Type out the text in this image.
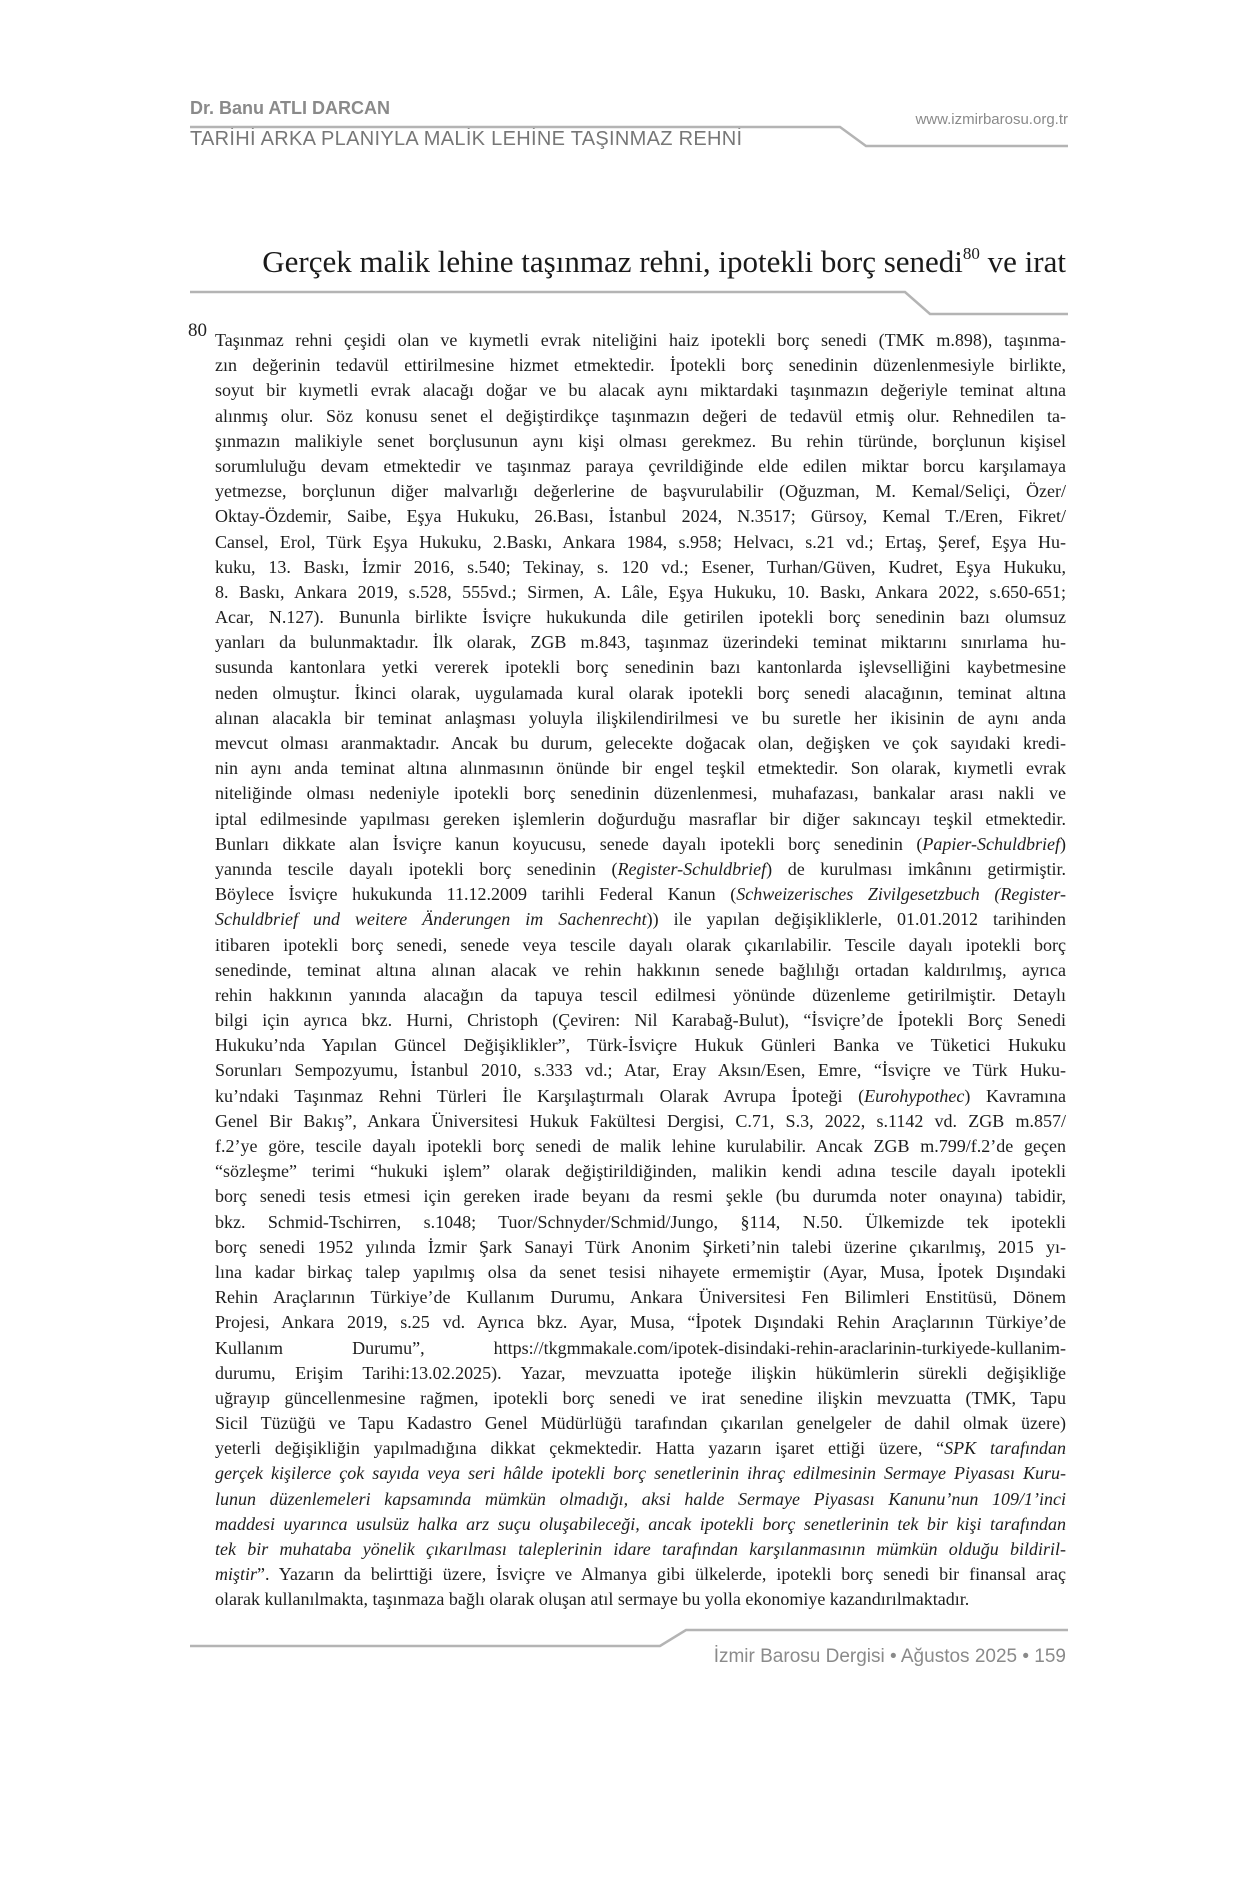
Dr. Banu ATLI DARCAN
TARİHİ ARKA PLANIYLA MALİK LEHİNE TAŞINMAZ REHNİ
www.izmirbarosu.org.tr
Gerçek malik lehine taşınmaz rehni, ipotekli borç senedi$^{80}$ ve irat
80 Taşınmaz rehni çeşidi olan ve kıymetli evrak niteliğini haiz ipotekli borç senedi (TMK m.898), taşınma-
zın değerinin tedavül ettirilmesine hizmet etmektedir. İpotekli borç senedinin düzenlenmesiyle birlikte,
soyut bir kıymetli evrak alacağı doğar ve bu alacak aynı miktardaki taşınmazın değeriyle teminat altına
alınmış olur. Söz konusu senet el değiştirdikçe taşınmazın değeri de tedavül etmiş olur. Rehnedilen ta-
şınmazın malikiyle senet borçlusunun aynı kişi olması gerekmez. Bu rehin türünde, borçlunun kişisel
sorumluluğu devam etmektedir ve taşınmaz paraya çevrildiğinde elde edilen miktar borcu karşılamaya
yetmezse, borçlunun diğer malvarlığı değerlerine de başvurulabilir (Oğuzman, M. Kemal/Seliçi, Özer/
Oktay-Özdemir, Saibe, Eşya Hukuku, 26.Bası, İstanbul 2024, N.3517; Gürsoy, Kemal T./Eren, Fikret/
Cansel, Erol, Türk Eşya Hukuku, 2.Baskı, Ankara 1984, s.958; Helvacı, s.21 vd.; Ertaş, Şeref, Eşya Hu-
kuku, 13. Baskı, İzmir 2016, s.540; Tekinay, s. 120 vd.; Esener, Turhan/Güven, Kudret, Eşya Hukuku,
8. Baskı, Ankara 2019, s.528, 555vd.; Sirmen, A. Lâle, Eşya Hukuku, 10. Baskı, Ankara 2022, s.650-651;
Acar, N.127). Bununla birlikte İsviçre hukukunda dile getirilen ipotekli borç senedinin bazı olumsuz
yanları da bulunmaktadır. İlk olarak, ZGB m.843, taşınmaz üzerindeki teminat miktarını sınırlama hu-
susunda kantonlara yetki vererek ipotekli borç senedinin bazı kantonlarda işlevselliğini kaybetmesine
neden olmuştur. İkinci olarak, uygulamada kural olarak ipotekli borç senedi alacağının, teminat altına
alınan alacakla bir teminat anlaşması yoluyla ilişkilendirilmesi ve bu suretle her ikisinin de aynı anda
mevcut olması aranmaktadır. Ancak bu durum, gelecekte doğacak olan, değişken ve çok sayıdaki kredi-
nin aynı anda teminat altına alınmasının önünde bir engel teşkil etmektedir. Son olarak, kıymetli evrak
niteliğinde olması nedeniyle ipotekli borç senedinin düzenlenmesi, muhafazası, bankalar arası nakli ve
iptal edilmesinde yapılması gereken işlemlerin doğurduğu masraflar bir diğer sakıncayı teşkil etmektedir.
Bunları dikkate alan İsviçre kanun koyucusu, senede dayalı ipotekli borç senedinin (Papier-Schuldbrief)
yanında tescile dayalı ipotekli borç senedinin (Register-Schuldbrief) de kurulması imkânını getirmiştir.
Böylece İsviçre hukukunda 11.12.2009 tarihli Federal Kanun (Schweizerisches Zivilgesetzbuch (Register-
Schuldbrief und weitere Änderungen im Sachenrecht)) ile yapılan değişikliklerle, 01.01.2012 tarihinden
itibaren ipotekli borç senedi, senede veya tescile dayalı olarak çıkarılabilir. Tescile dayalı ipotekli borç
senedinde, teminat altına alınan alacak ve rehin hakkının senede bağlılığı ortadan kaldırılmış, ayrıca
rehin hakkının yanında alacağın da tapuya tescil edilmesi yönünde düzenleme getirilmiştir. Detaylı
bilgi için ayrıca bkz. Hurni, Christoph (Çeviren: Nil Karabağ-Bulut), “İsviçre’de İpotekli Borç Senedi
Hukuku’nda Yapılan Güncel Değişiklikler”, Türk-İsviçre Hukuk Günleri Banka ve Tüketici Hukuku
Sorunları Sempozyumu, İstanbul 2010, s.333 vd.; Atar, Eray Aksın/Esen, Emre, “İsviçre ve Türk Huku-
ku’ndaki Taşınmaz Rehni Türleri İle Karşılaştırmalı Olarak Avrupa İpoteği (Eurohypothec) Kavramına
Genel Bir Bakış”, Ankara Üniversitesi Hukuk Fakültesi Dergisi, C.71, S.3, 2022, s.1142 vd. ZGB m.857/
f.2’ye göre, tescile dayalı ipotekli borç senedi de malik lehine kurulabilir. Ancak ZGB m.799/f.2’de geçen
“sözleşme” terimi “hukuki işlem” olarak değiştirildiğinden, malikin kendi adına tescile dayalı ipotekli
borç senedi tesis etmesi için gereken irade beyanı da resmi şekle (bu durumda noter onayına) tabidir,
bkz. Schmid-Tschirren, s.1048; Tuor/Schnyder/Schmid/Jungo, §114, N.50. Ülkemizde tek ipotekli
borç senedi 1952 yılında İzmir Şark Sanayi Türk Anonim Şirketi’nin talebi üzerine çıkarılmış, 2015 yı-
lına kadar birkaç talep yapılmış olsa da senet tesisi nihayete ermemiştir (Ayar, Musa, İpotek Dışındaki
Rehin Araçlarının Türkiye’de Kullanım Durumu, Ankara Üniversitesi Fen Bilimleri Enstitüsü, Dönem
Projesi, Ankara 2019, s.25 vd. Ayrıca bkz. Ayar, Musa, “İpotek Dışındaki Rehin Araçlarının Türkiye’de
Kullanım Durumu”, https://tkgmmakale.com/ipotek-disindaki-rehin-araclarinin-turkiyede-kullanim-
durumu, Erişim Tarihi:13.02.2025). Yazar, mevzuatta ipoteğe ilişkin hükümlerin sürekli değişikliğe
uğrayıp güncellenmesine rağmen, ipotekli borç senedi ve irat senedine ilişkin mevzuatta (TMK, Tapu
Sicil Tüzüğü ve Tapu Kadastro Genel Müdürlüğü tarafından çıkarılan genelgeler de dahil olmak üzere)
yeterli değişikliğin yapılmadığına dikkat çekmektedir. Hatta yazarın işaret ettiği üzere, “SPK tarafından
gerçek kişilerce çok sayıda veya seri hâlde ipotekli borç senetlerinin ihraç edilmesinin Sermaye Piyasası Kuru-
lunun düzenlemeleri kapsamında mümkün olmadığı, aksi halde Sermaye Piyasası Kanunu’nun 109/1’inci
maddesi uyarınca usulsüz halka arz suçu oluşabileceği, ancak ipotekli borç senetlerinin tek bir kişi tarafından
tek bir muhataba yönelik çıkarılması taleplerinin idare tarafından karşılanmasının mümkün olduğu bildiril-
miştir”. Yazarın da belirttiği üzere, İsviçre ve Almanya gibi ülkelerde, ipotekli borç senedi bir finansal araç
olarak kullanılmakta, taşınmaza bağlı olarak oluşan atıl sermaye bu yolla ekonomiye kazandırılmaktadır.
İzmir Barosu Dergisi • Ağustos 2025 • 159
